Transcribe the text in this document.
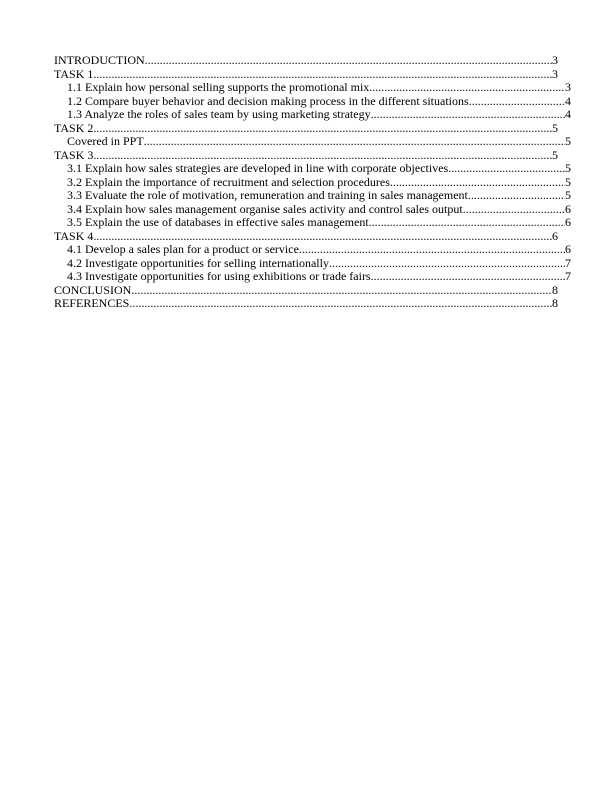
INTRODUCTION .....	3
TASK 1 .....	3
1.1 Explain how personal selling supports the promotional mix .....	3
1.2 Compare buyer behavior and decision making process in the different situations .....	4
1.3 Analyze the roles of sales team by using marketing strategy .....	4
TASK 2 .....	5
Covered in PPT .....	5
TASK 3 .....	5
3.1 Explain how sales strategies are developed in line with corporate objectives .....	5
3.2 Explain the importance of recruitment and selection procedures .....	5
3.3 Evaluate the role of motivation, remuneration and training in sales management .....	5
3.4 Explain how sales management organise sales activity and control sales output .....	6
3.5 Explain the use of databases in effective sales management .....	6
TASK 4 .....	6
4.1 Develop a sales plan for a product or service .....	6
4.2 Investigate opportunities for selling internationally .....	7
4.3 Investigate opportunities for using exhibitions or trade fairs .....	7
CONCLUSION .....	8
REFERENCES .....	8
